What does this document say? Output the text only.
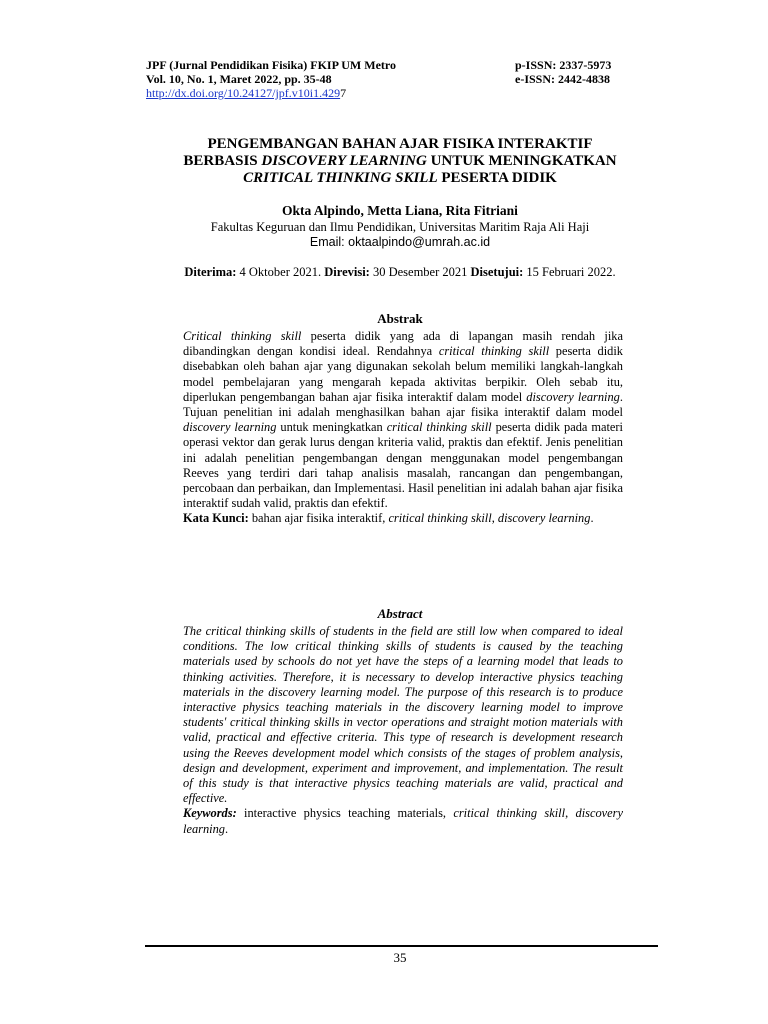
JPF (Jurnal Pendidikan Fisika) FKIP UM Metro
Vol. 10, No. 1, Maret 2022, pp. 35-48
http://dx.doi.org/10.24127/jpf.v10i1.4297
p-ISSN: 2337-5973
e-ISSN: 2442-4838
PENGEMBANGAN BAHAN AJAR FISIKA INTERAKTIF
BERBASIS DISCOVERY LEARNING UNTUK MENINGKATKAN
CRITICAL THINKING SKILL PESERTA DIDIK
Okta Alpindo, Metta Liana, Rita Fitriani
Fakultas Keguruan dan Ilmu Pendidikan, Universitas Maritim Raja Ali Haji
Email: oktaalpindo@umrah.ac.id
Diterima: 4 Oktober 2021. Direvisi: 30 Desember 2021 Disetujui: 15 Februari 2022.
Abstrak

Critical thinking skill peserta didik yang ada di lapangan masih rendah jika dibandingkan dengan kondisi ideal. Rendahnya critical thinking skill peserta didik disebabkan oleh bahan ajar yang digunakan sekolah belum memiliki langkah-langkah model pembelajaran yang mengarah kepada aktivitas berpikir. Oleh sebab itu, diperlukan pengembangan bahan ajar fisika interaktif dalam model discovery learning. Tujuan penelitian ini adalah menghasilkan bahan ajar fisika interaktif dalam model discovery learning untuk meningkatkan critical thinking skill peserta didik pada materi operasi vektor dan gerak lurus dengan kriteria valid, praktis dan efektif. Jenis penelitian ini adalah penelitian pengembangan dengan menggunakan model pengembangan Reeves yang terdiri dari tahap analisis masalah, rancangan dan pengembangan, percobaan dan perbaikan, dan Implementasi. Hasil penelitian ini adalah bahan ajar fisika interaktif sudah valid, praktis dan efektif.

Kata Kunci: bahan ajar fisika interaktif, critical thinking skill, discovery learning.

Abstract

The critical thinking skills of students in the field are still low when compared to ideal conditions. The low critical thinking skills of students is caused by the teaching materials used by schools do not yet have the steps of a learning model that leads to thinking activities. Therefore, it is necessary to develop interactive physics teaching materials in the discovery learning model. The purpose of this research is to produce interactive physics teaching materials in the discovery learning model to improve students' critical thinking skills in vector operations and straight motion materials with valid, practical and effective criteria. This type of research is development research using the Reeves development model which consists of the stages of problem analysis, design and development, experiment and improvement, and implementation. The result of this study is that interactive physics teaching materials are valid, practical and effective.

Keywords: interactive physics teaching materials, critical thinking skill, discovery learning.

35
